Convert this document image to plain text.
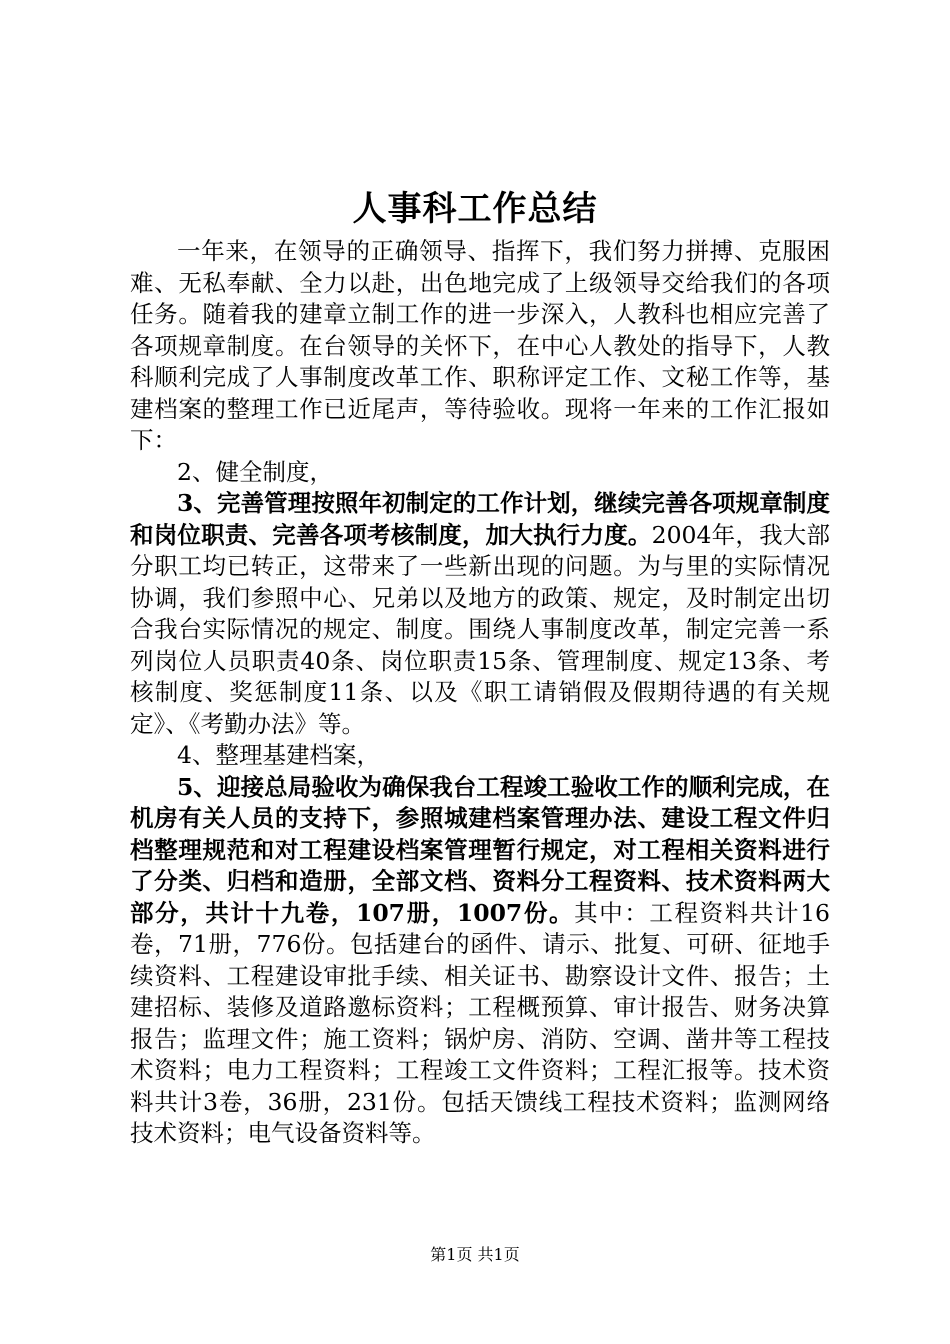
人事科工作总结

一年来，在领导的正确领导、指挥下，我们努力拼搏、克服困难、无私奉献、全力以赴，出色地完成了上级领导交给我们的各项任务。随着我的建章立制工作的进一步深入，人教科也相应完善了各项规章制度。在台领导的关怀下，在中心人教处的指导下，人教科顺利完成了人事制度改革工作、职称评定工作、文秘工作等，基建档案的整理工作已近尾声，等待验收。现将一年来的工作汇报如下：

2、健全制度，

3、完善管理按照年初制定的工作计划，继续完善各项规章制度和岗位职责、完善各项考核制度，加大执行力度。2004年，我大部分职工均已转正，这带来了一些新出现的问题。为与里的实际情况协调，我们参照中心、兄弟以及地方的政策、规定，及时制定出切合我台实际情况的规定、制度。围绕人事制度改革，制定完善一系列岗位人员职责40条、岗位职责15条、管理制度、规定13条、考核制度、奖惩制度11条、以及《职工请销假及假期待遇的有关规定》、《考勤办法》等。

4、整理基建档案，

5、迎接总局验收为确保我台工程竣工验收工作的顺利完成，在机房有关人员的支持下，参照城建档案管理办法、建设工程文件归档整理规范和对工程建设档案管理暂行规定，对工程相关资料进行了分类、归档和造册，全部文档、资料分工程资料、技术资料两大部分，共计十九卷，107册，1007份。其中：工程资料共计16卷，71册，776份。包括建台的函件、请示、批复、可研、征地手续资料、工程建设审批手续、相关证书、勘察设计文件、报告；土建招标、装修及道路邀标资料；工程概预算、审计报告、财务决算报告；监理文件；施工资料；锅炉房、消防、空调、凿井等工程技术资料；电力工程资料；工程竣工文件资料；工程汇报等。技术资料共计3卷，36册，231份。包括天馈线工程技术资料；监测网络技术资料；电气设备资料等。

第1页 共1页
